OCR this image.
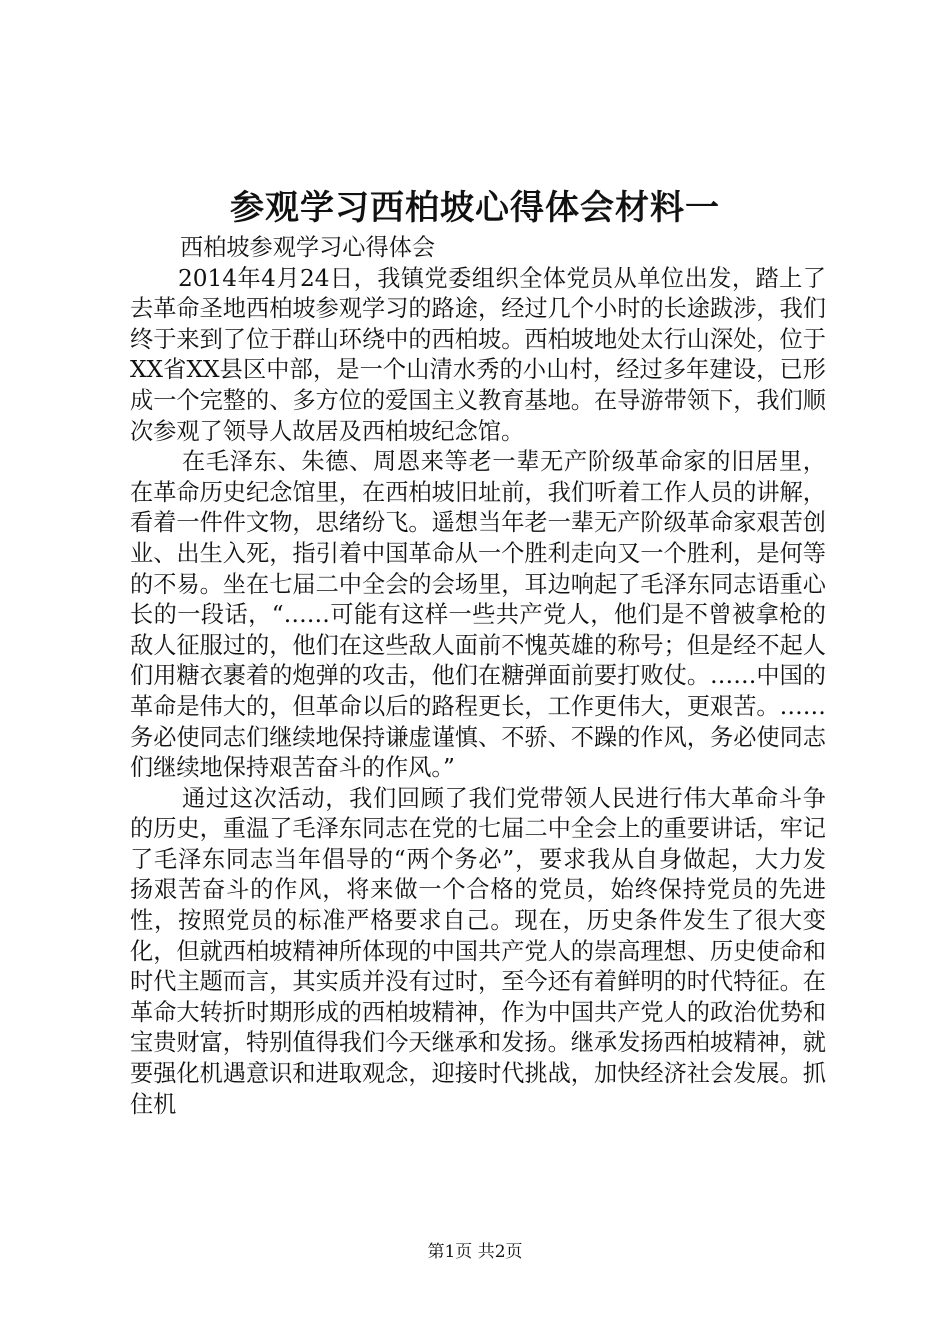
参观学习西柏坡心得体会材料一

西柏坡参观学习心得体会

2014年4月24日，我镇党委组织全体党员从单位出发，踏上了去革命圣地西柏坡参观学习的路途，经过几个小时的长途跋涉，我们终于来到了位于群山环绕中的西柏坡。西柏坡地处太行山深处，位于XX省XX县区中部，是一个山清水秀的小山村，经过多年建设，已形成一个完整的、多方位的爱国主义教育基地。在导游带领下，我们顺次参观了领导人故居及西柏坡纪念馆。

在毛泽东、朱德、周恩来等老一辈无产阶级革命家的旧居里，在革命历史纪念馆里，在西柏坡旧址前，我们听着工作人员的讲解，看着一件件文物，思绪纷飞。遥想当年老一辈无产阶级革命家艰苦创业、出生入死，指引着中国革命从一个胜利走向又一个胜利，是何等的不易。坐在七届二中全会的会场里，耳边响起了毛泽东同志语重心长的一段话，“……可能有这样一些共产党人，他们是不曾被拿枪的敌人征服过的，他们在这些敌人面前不愧英雄的称号；但是经不起人们用糖衣裹着的炮弹的攻击，他们在糖弹面前要打败仗。……中国的革命是伟大的，但革命以后的路程更长，工作更伟大，更艰苦。……务必使同志们继续地保持谦虚谨慎、不骄、不躁的作风，务必使同志们继续地保持艰苦奋斗的作风。”

通过这次活动，我们回顾了我们党带领人民进行伟大革命斗争的历史，重温了毛泽东同志在党的七届二中全会上的重要讲话，牢记了毛泽东同志当年倡导的“两个务必”，要求我从自身做起，大力发扬艰苦奋斗的作风，将来做一个合格的党员，始终保持党员的先进性，按照党员的标准严格要求自己。现在，历史条件发生了很大变化，但就西柏坡精神所体现的中国共产党人的崇高理想、历史使命和时代主题而言，其实质并没有过时，至今还有着鲜明的时代特征。在革命大转折时期形成的西柏坡精神，作为中国共产党人的政治优势和宝贵财富，特别值得我们今天继承和发扬。继承发扬西柏坡精神，就要强化机遇意识和进取观念，迎接时代挑战，加快经济社会发展。抓住机

第1页 共2页
